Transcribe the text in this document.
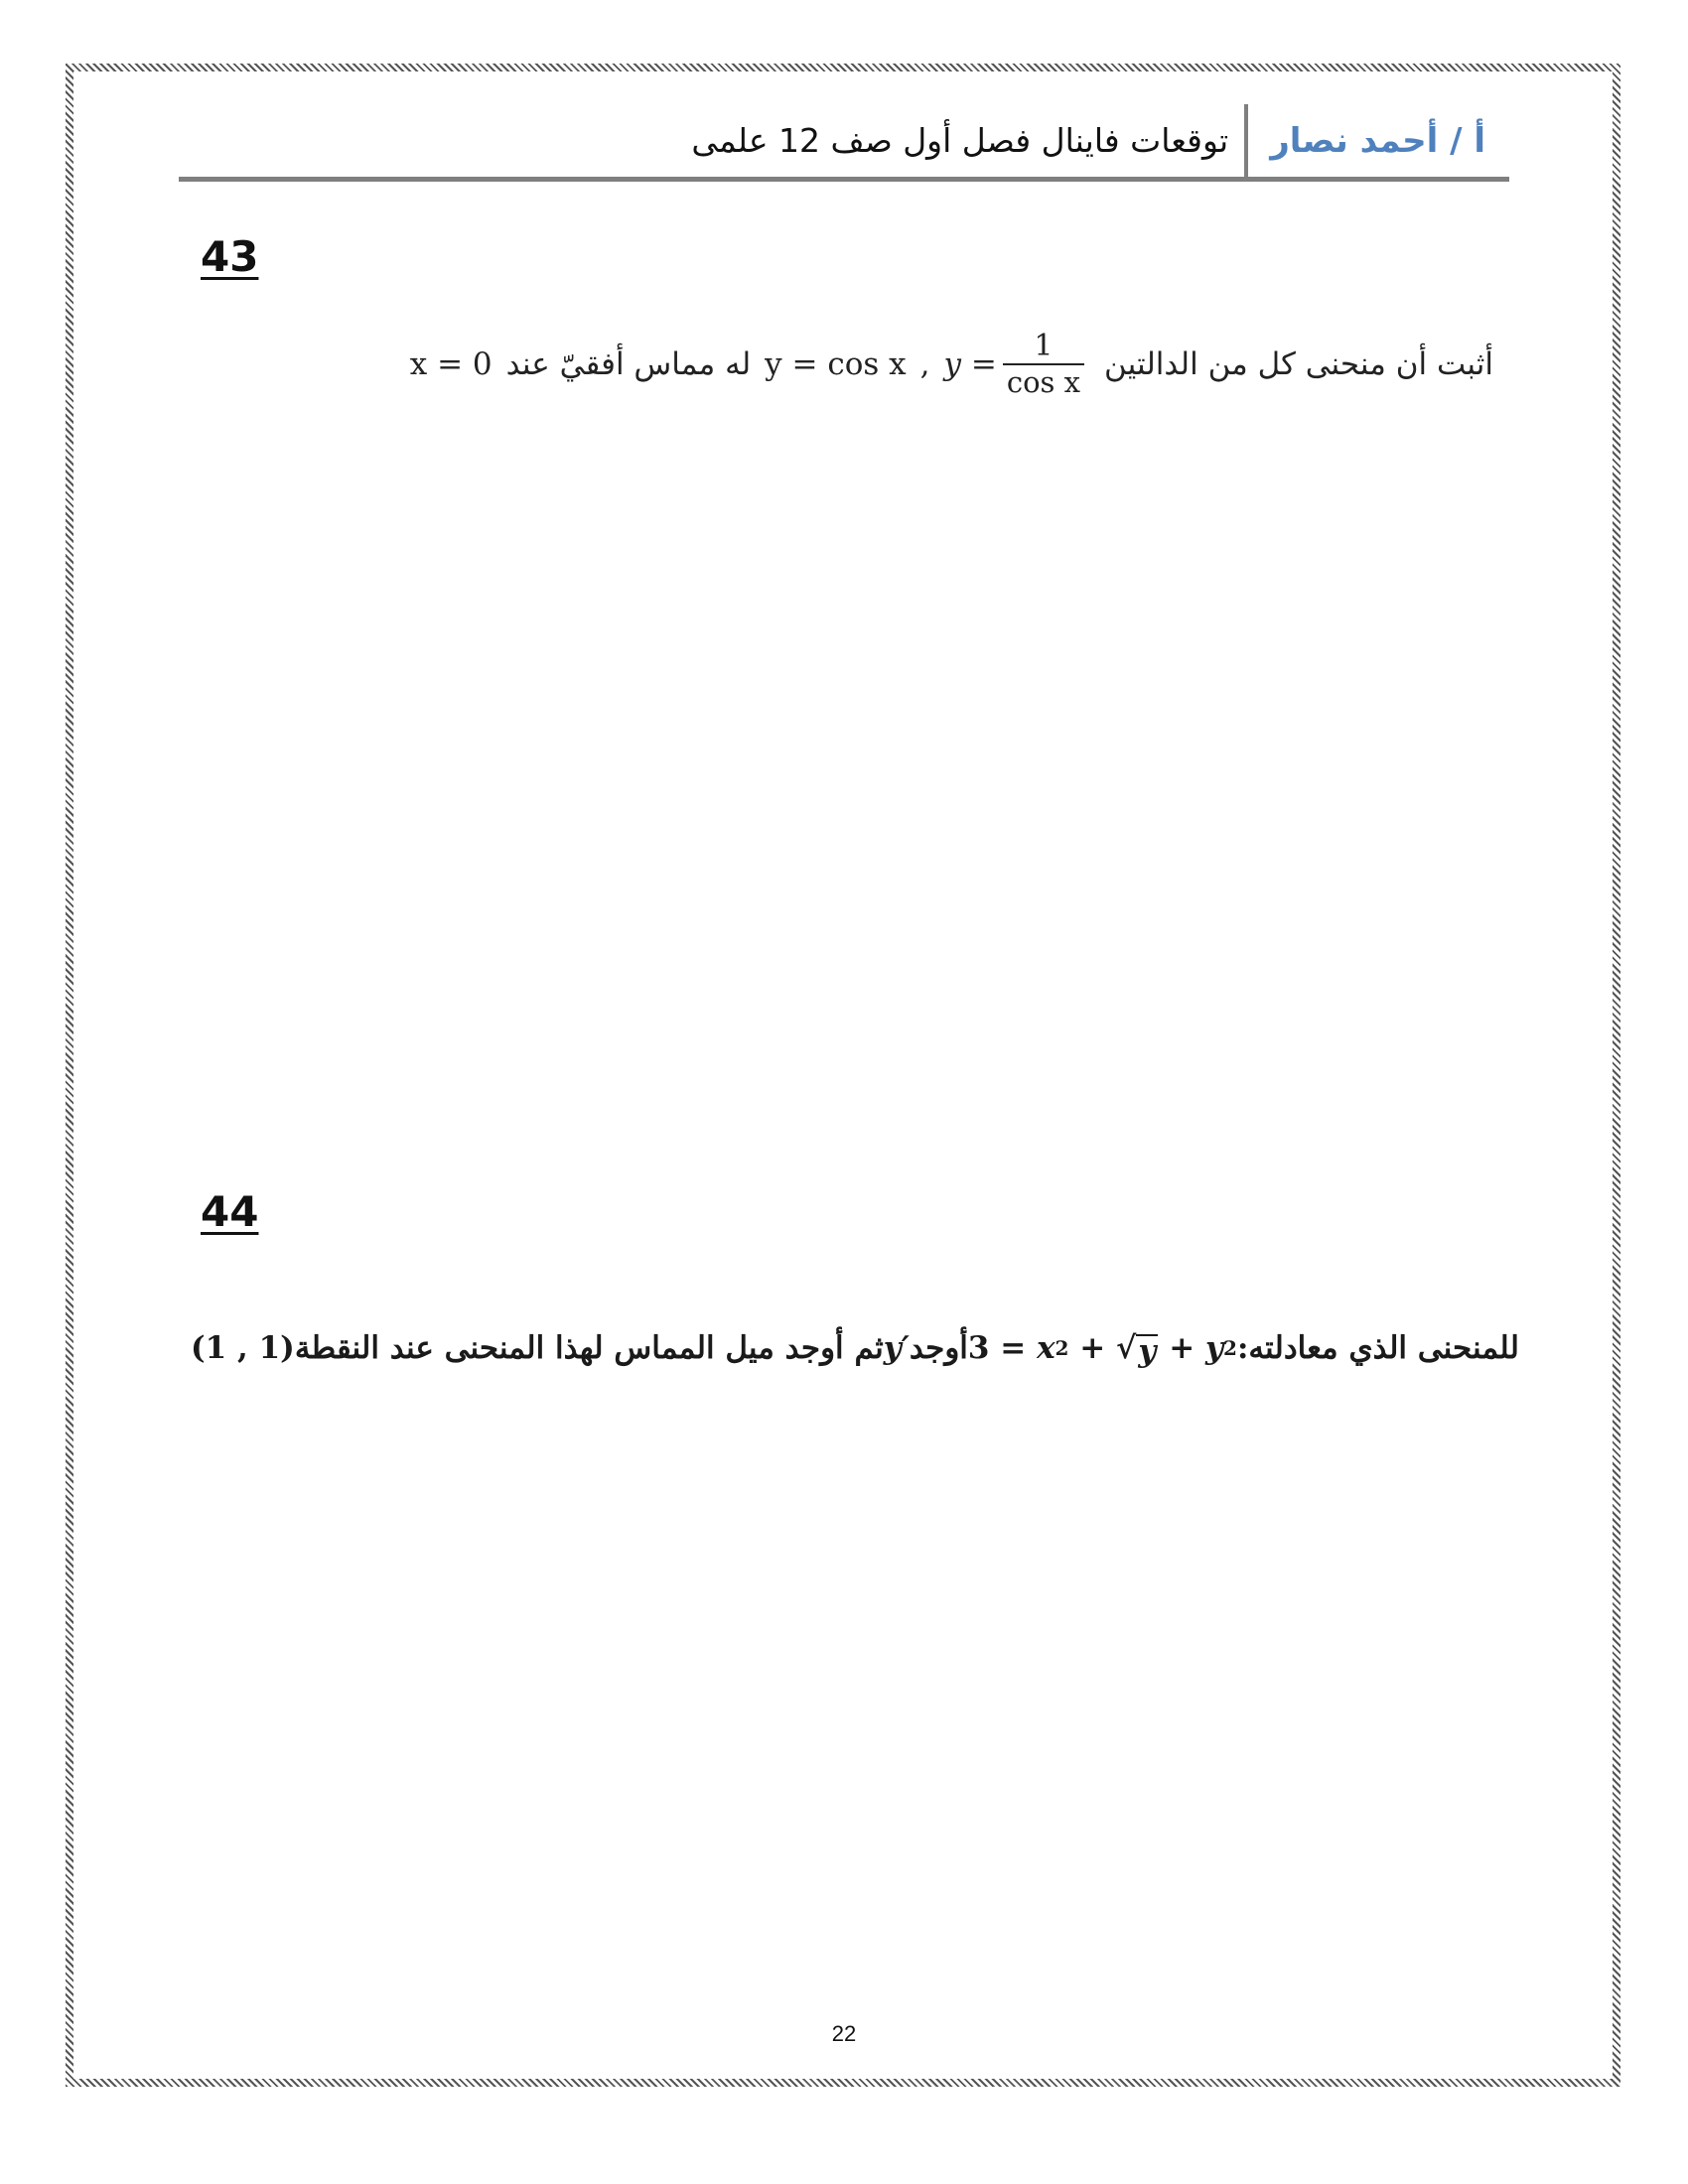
أ / أحمد نصار
توقعات فاينال فصل أول صف 12 علمى
43
أثبت أن منحنى كل من الدالتين
$y = \frac{1}{\text{cos x}}$
,
y = cos x
له مماس أفقيّ عند
x = 0
44
للمنحنى الذي معادلته:
3 =
x 2
+
√ y
+
y 2
أوجد
y′
ثم أوجد ميل المماس لهذا المنحنى عند النقطة
(1 , 1)
22
